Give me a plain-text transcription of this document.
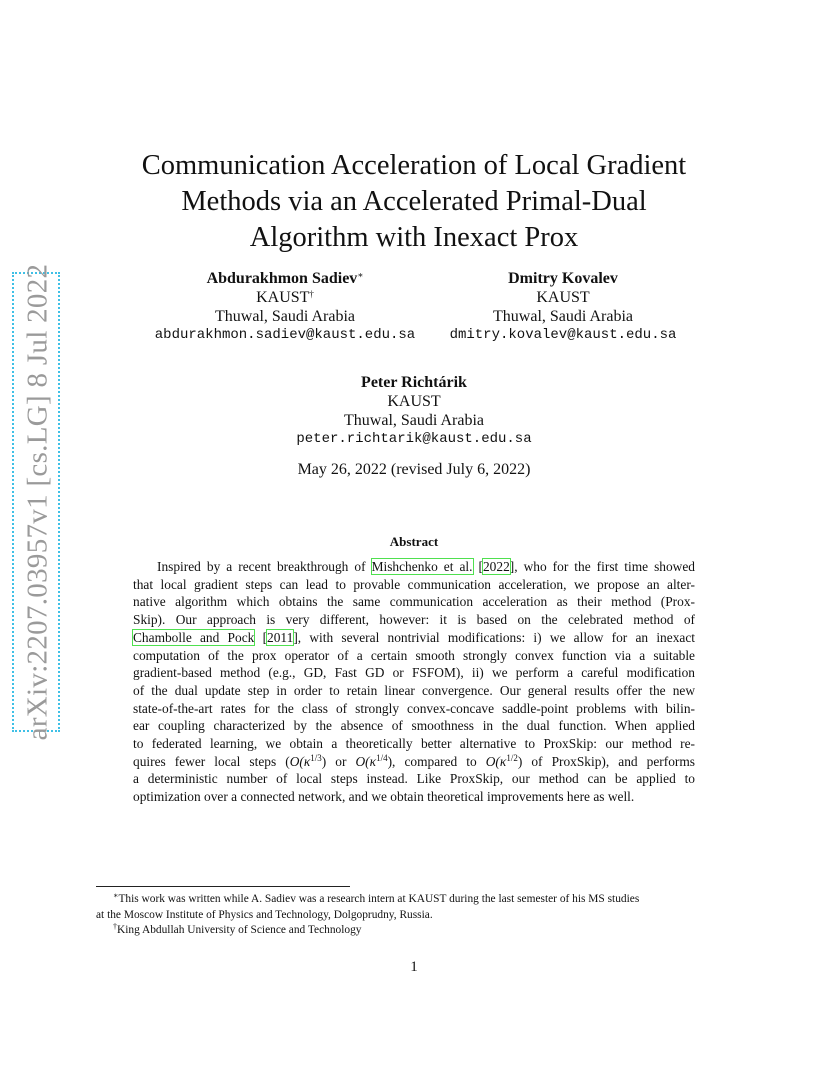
arXiv:2207.03957v1 [cs.LG] 8 Jul 2022
Communication Acceleration of Local Gradient
Methods via an Accelerated Primal-Dual
Algorithm with Inexact Prox
Abdurakhmon Sadiev∗
KAUST†
Thuwal, Saudi Arabia
abdurakhmon.sadiev@kaust.edu.sa
Dmitry Kovalev
KAUST
Thuwal, Saudi Arabia
dmitry.kovalev@kaust.edu.sa
Peter Richtárik
KAUST
Thuwal, Saudi Arabia
peter.richtarik@kaust.edu.sa
May 26, 2022 (revised July 6, 2022)
Abstract
Inspired by a recent breakthrough of Mishchenko et al. [2022], who for the first time showed
that local gradient steps can lead to provable communication acceleration, we propose an alter-
native algorithm which obtains the same communication acceleration as their method (Prox-
Skip). Our approach is very different, however: it is based on the celebrated method of
Chambolle and Pock [2011], with several nontrivial modifications: i) we allow for an inexact
computation of the prox operator of a certain smooth strongly convex function via a suitable
gradient-based method (e.g., GD, Fast GD or FSFOM), ii) we perform a careful modification
of the dual update step in order to retain linear convergence. Our general results offer the new
state-of-the-art rates for the class of strongly convex-concave saddle-point problems with bilin-
ear coupling characterized by the absence of smoothness in the dual function. When applied
to federated learning, we obtain a theoretically better alternative to ProxSkip: our method re-
quires fewer local steps ($O(\kappa^{1/3})$ or $O(\kappa^{1/4})$, compared to $O(\kappa^{1/2})$ of ProxSkip), and performs
a deterministic number of local steps instead. Like ProxSkip, our method can be applied to
optimization over a connected network, and we obtain theoretical improvements here as well.
∗This work was written while A. Sadiev was a research intern at KAUST during the last semester of his MS studies
at the Moscow Institute of Physics and Technology, Dolgoprudny, Russia.
†King Abdullah University of Science and Technology
1
